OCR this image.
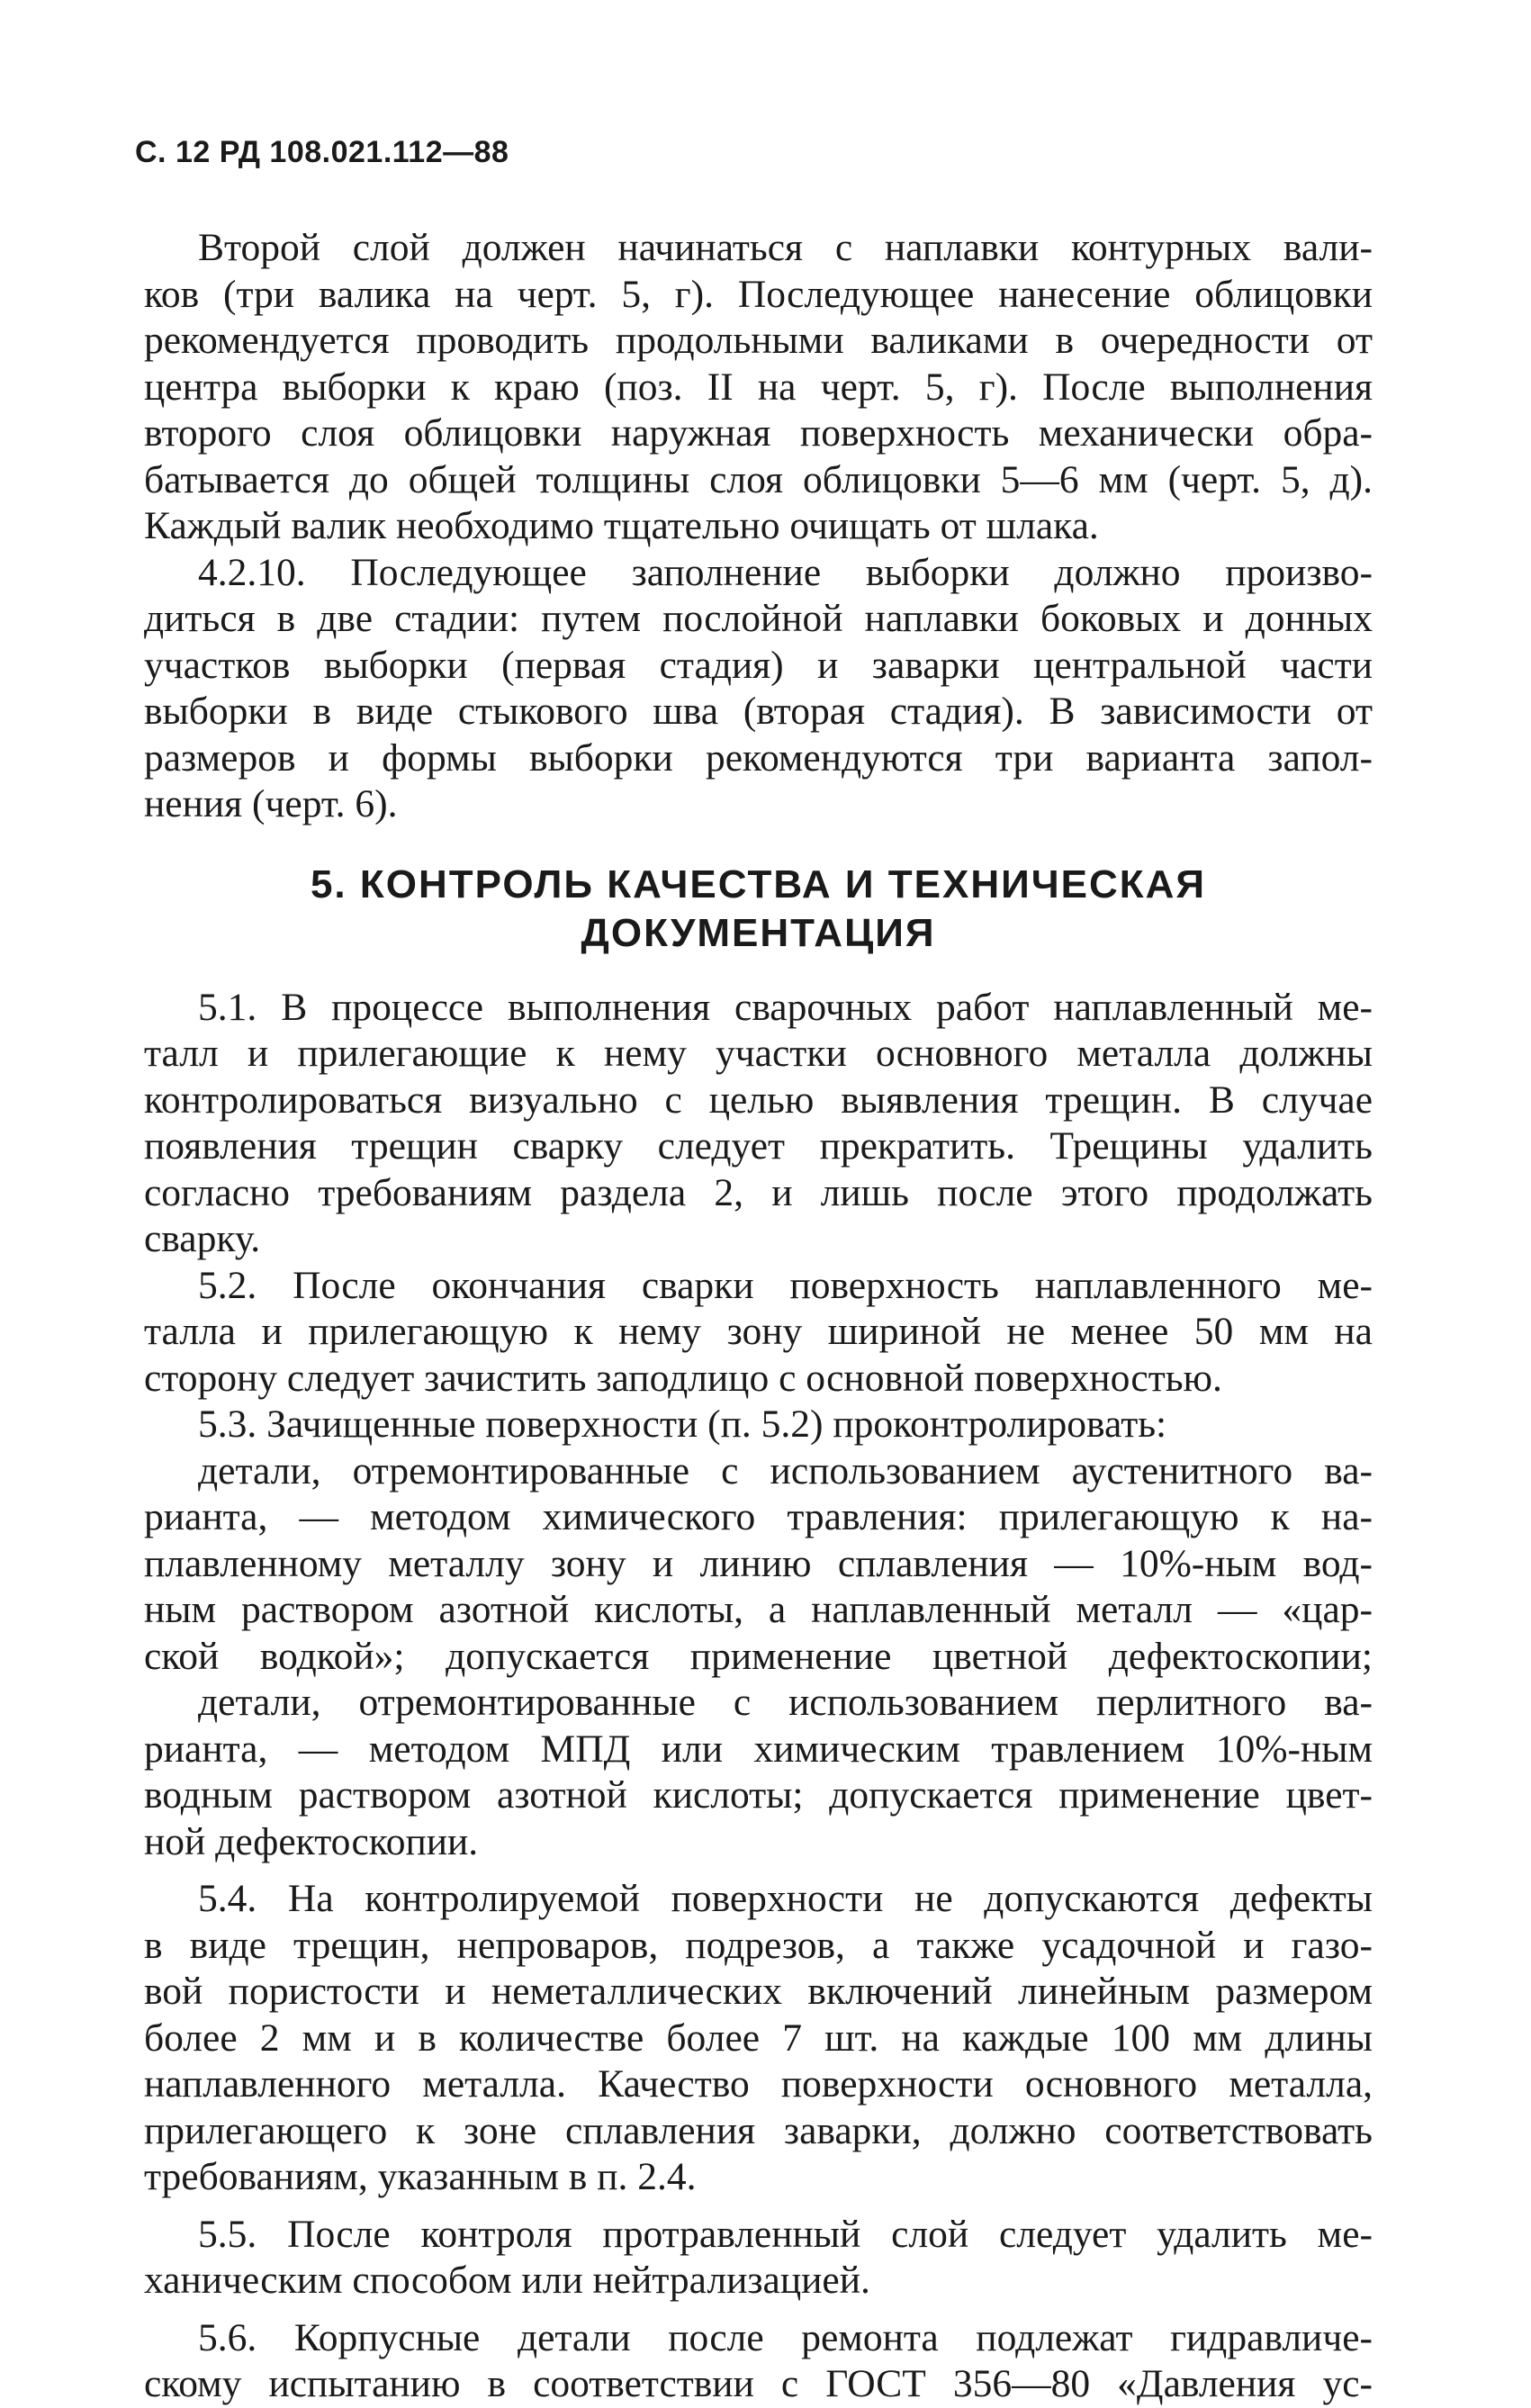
С. 12 РД 108.021.112—88
Второй слой должен начинаться с наплавки контурных вали-
ков (три валика на черт. 5, г). Последующее нанесение облицовки
рекомендуется проводить продольными валиками в очередности от
центра выборки к краю (поз. II на черт. 5, г). После выполнения
второго слоя облицовки наружная поверхность механически обра-
батывается до общей толщины слоя облицовки 5—6 мм (черт. 5, д).
Каждый валик необходимо тщательно очищать от шлака.
4.2.10. Последующее заполнение выборки должно произво-
диться в две стадии: путем послойной наплавки боковых и донных
участков выборки (первая стадия) и заварки центральной части
выборки в виде стыкового шва (вторая стадия). В зависимости от
размеров и формы выборки рекомендуются три варианта запол-
нения (черт. 6).
5. КОНТРОЛЬ КАЧЕСТВА И ТЕХНИЧЕСКАЯ
ДОКУМЕНТАЦИЯ
5.1. В процессе выполнения сварочных работ наплавленный ме-
талл и прилегающие к нему участки основного металла должны
контролироваться визуально с целью выявления трещин. В случае
появления трещин сварку следует прекратить. Трещины удалить
согласно требованиям раздела 2, и лишь после этого продолжать
сварку.
5.2. После окончания сварки поверхность наплавленного ме-
талла и прилегающую к нему зону шириной не менее 50 мм на
сторону следует зачистить заподлицо с основной поверхностью.
5.3. Зачищенные поверхности (п. 5.2) проконтролировать:
детали, отремонтированные с использованием аустенитного ва-
рианта, — методом химического травления: прилегающую к на-
плавленному металлу зону и линию сплавления — 10%-ным вод-
ным раствором азотной кислоты, а наплавленный металл — «цар-
ской водкой»; допускается применение цветной дефектоскопии;
детали, отремонтированные с использованием перлитного ва-
рианта, — методом МПД или химическим травлением 10%-ным
водным раствором азотной кислоты; допускается применение цвет-
ной дефектоскопии.
5.4. На контролируемой поверхности не допускаются дефекты
в виде трещин, непроваров, подрезов, а также усадочной и газо-
вой пористости и неметаллических включений линейным размером
более 2 мм и в количестве более 7 шт. на каждые 100 мм длины
наплавленного металла. Качество поверхности основного металла,
прилегающего к зоне сплавления заварки, должно соответствовать
требованиям, указанным в п. 2.4.
5.5. После контроля протравленный слой следует удалить ме-
ханическим способом или нейтрализацией.
5.6. Корпусные детали после ремонта подлежат гидравличе-
скому испытанию в соответствии с ГОСТ 356—80 «Давления ус-
